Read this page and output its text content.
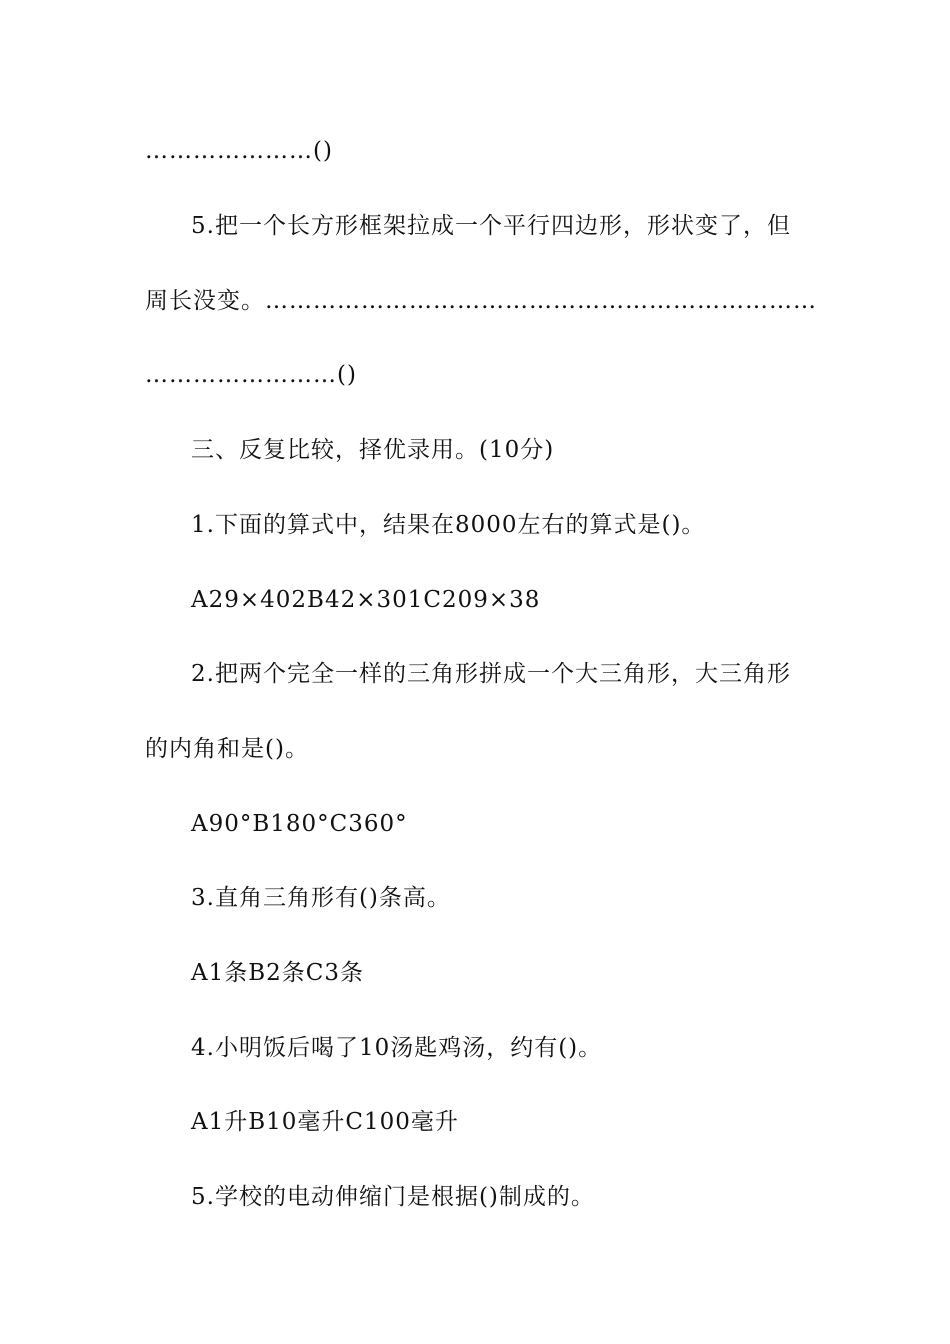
…………………()
5.把一个长方形框架拉成一个平行四边形，形状变了，但
周长没变。……………………………………………………………
……………………()
三、反复比较，择优录用。(10分)
1.下面的算式中，结果在8000左右的算式是()。
A29×402B42×301C209×38
2.把两个完全一样的三角形拼成一个大三角形，大三角形
的内角和是()。
A90°B180°C360°
3.直角三角形有()条高。
A1条B2条C3条
4.小明饭后喝了10汤匙鸡汤，约有()。
A1升B10毫升C100毫升
5.学校的电动伸缩门是根据()制成的。
